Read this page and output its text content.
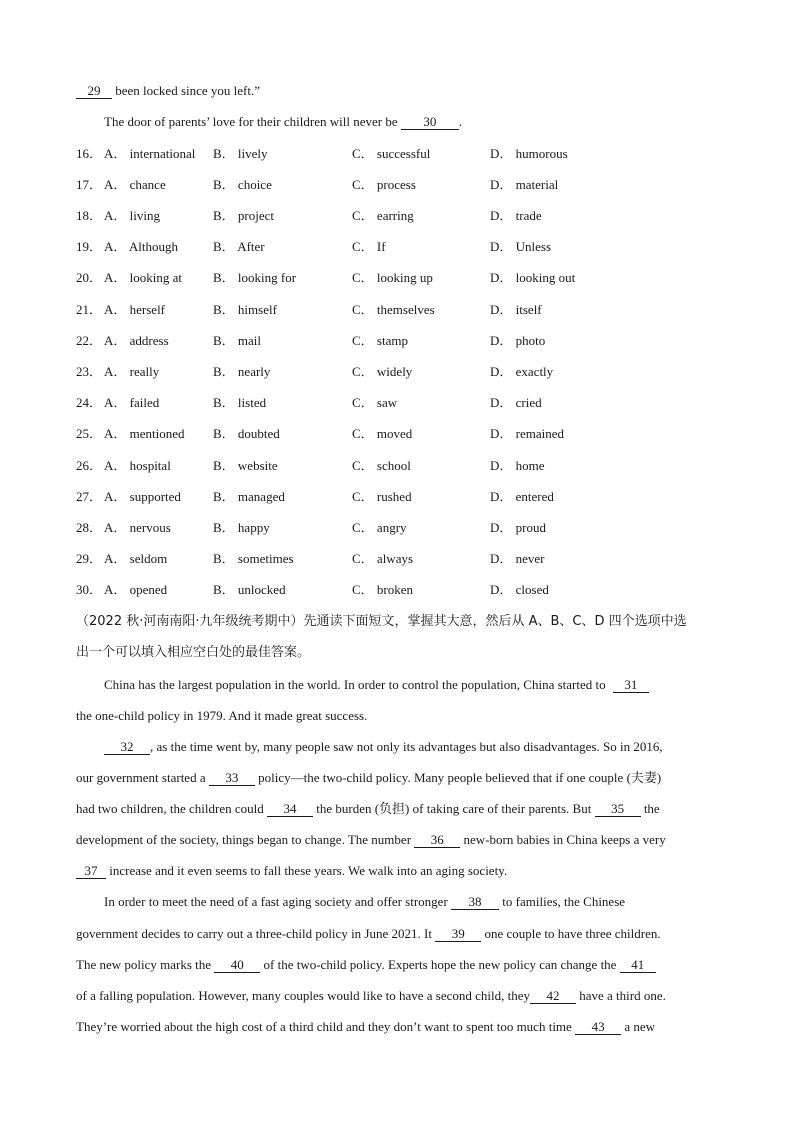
29 been locked since you left.”
The door of parents’ love for their children will never be 30 .
16． A． international B． lively	C． successful	D． humorous
17． A． chance	B． choice	C． process	D． material
18． A． living	B． project	C． earring	D． trade
19． A． Although	B． After	C． If	D． Unless
20． A． looking at B． looking for	C． looking up	D． looking out
21． A． herself	B． himself	C． themselves	D． itself
22． A． address	B． mail	C． stamp	D． photo
23． A． really	B． nearly	C． widely	D． exactly
24． A． failed	B． listed	C． saw	D． cried
25． A． mentioned B． doubted	C． moved	D． remained
26． A． hospital	B． website	C． school	D． home
27． A． supported B． managed	C． rushed	D． entered
28． A． nervous	B． happy	C． angry	D． proud
29． A． seldom	B． sometimes	C． always	D． never
30． A． opened	B． unlocked	C． broken	D． closed
（2022 秋·河南南阳·九年级统考期中）先通读下面短文，掌握其大意，然后从 A、B、C、D 四个选项中选
出一个可以填入相应空白处的最佳答案。
China has the largest population in the world. In order to control the population, China started to 31
the one-child policy in 1979. And it made great success.
32 , as the time went by, many people saw not only its advantages but also disadvantages. So in 2016,
our government started a 33 policy—the two-child policy. Many people believed that if one couple (夫妻)
had two children, the children could 34 the burden (负担) of taking care of their parents. But 35 the
development of the society, things began to change. The number 36 new-born babies in China keeps a very
37 increase and it even seems to fall these years. We walk into an aging society.
In order to meet the need of a fast aging society and offer stronger 38 to families, the Chinese
government decides to carry out a three-child policy in June 2021. It 39 one couple to have three children.
The new policy marks the 40 of the two-child policy. Experts hope the new policy can change the 41
of a falling population. However, many couples would like to have a second child, they 42 have a third one.
They’re worried about the high cost of a third child and they don’t want to spent too much time 43 a new
